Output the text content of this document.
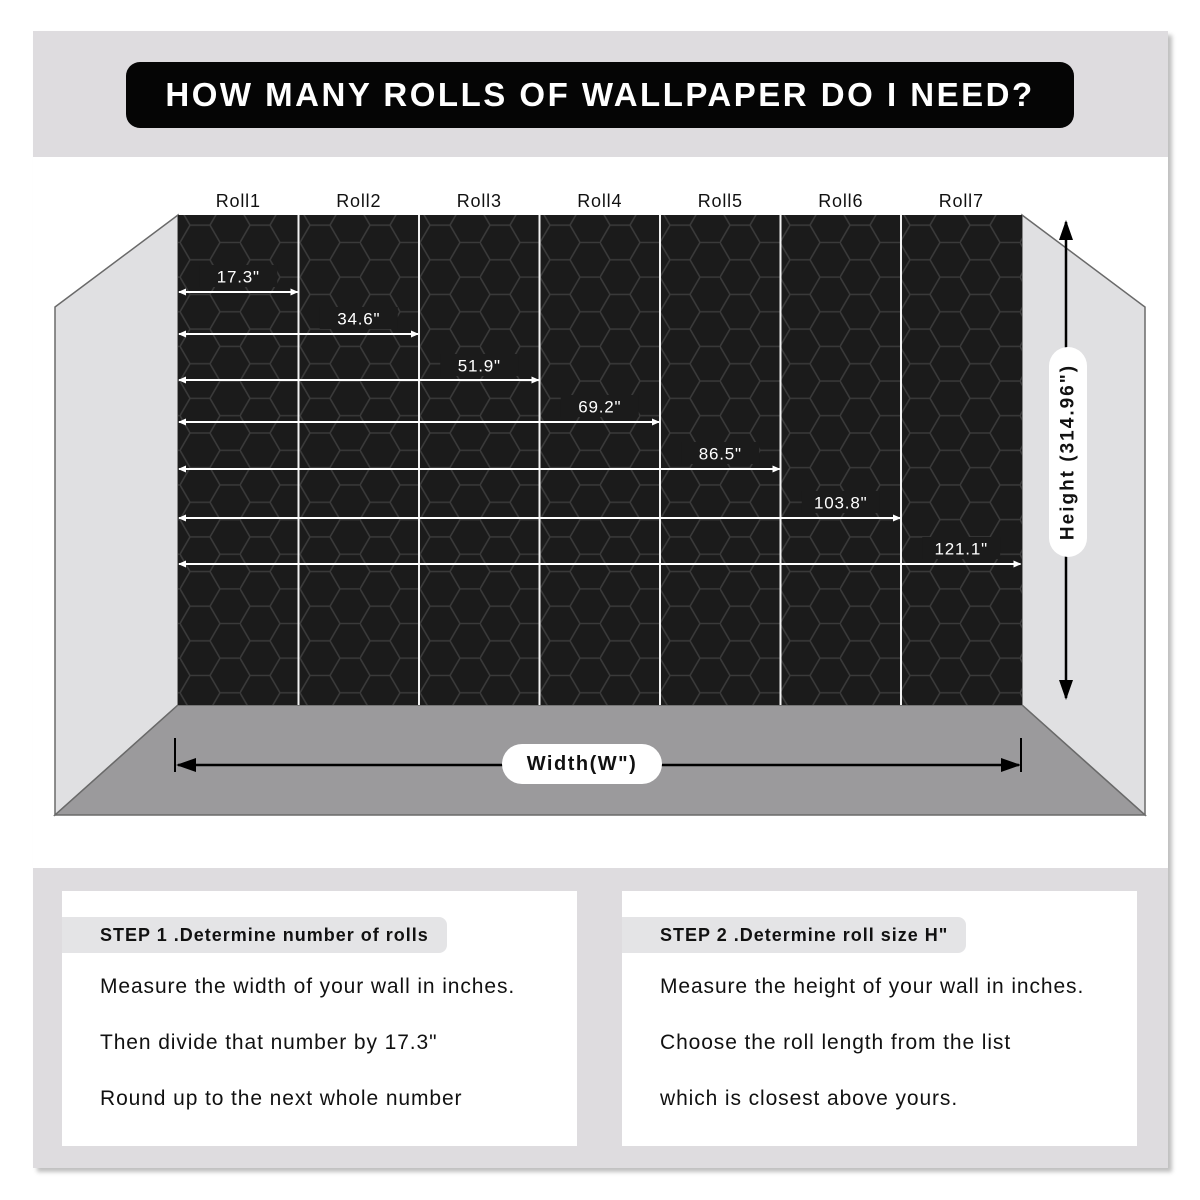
HOW MANY ROLLS OF WALLPAPER DO I NEED?
Roll1	Roll2	Roll3	Roll4	Roll5	Roll6	Roll7
17.3"
34.6"
51.9"
69.2"
86.5"
103.8"
121.1"
Height (314.96")
Width(W")
STEP 1 .Determine number of rolls
Measure the width of your wall in inches.
Then divide that number by 17.3"
Round up to the next whole number
STEP 2 .Determine roll size H"
Measure the height of your wall in inches.
Choose the roll length from the list
which is closest above yours.
